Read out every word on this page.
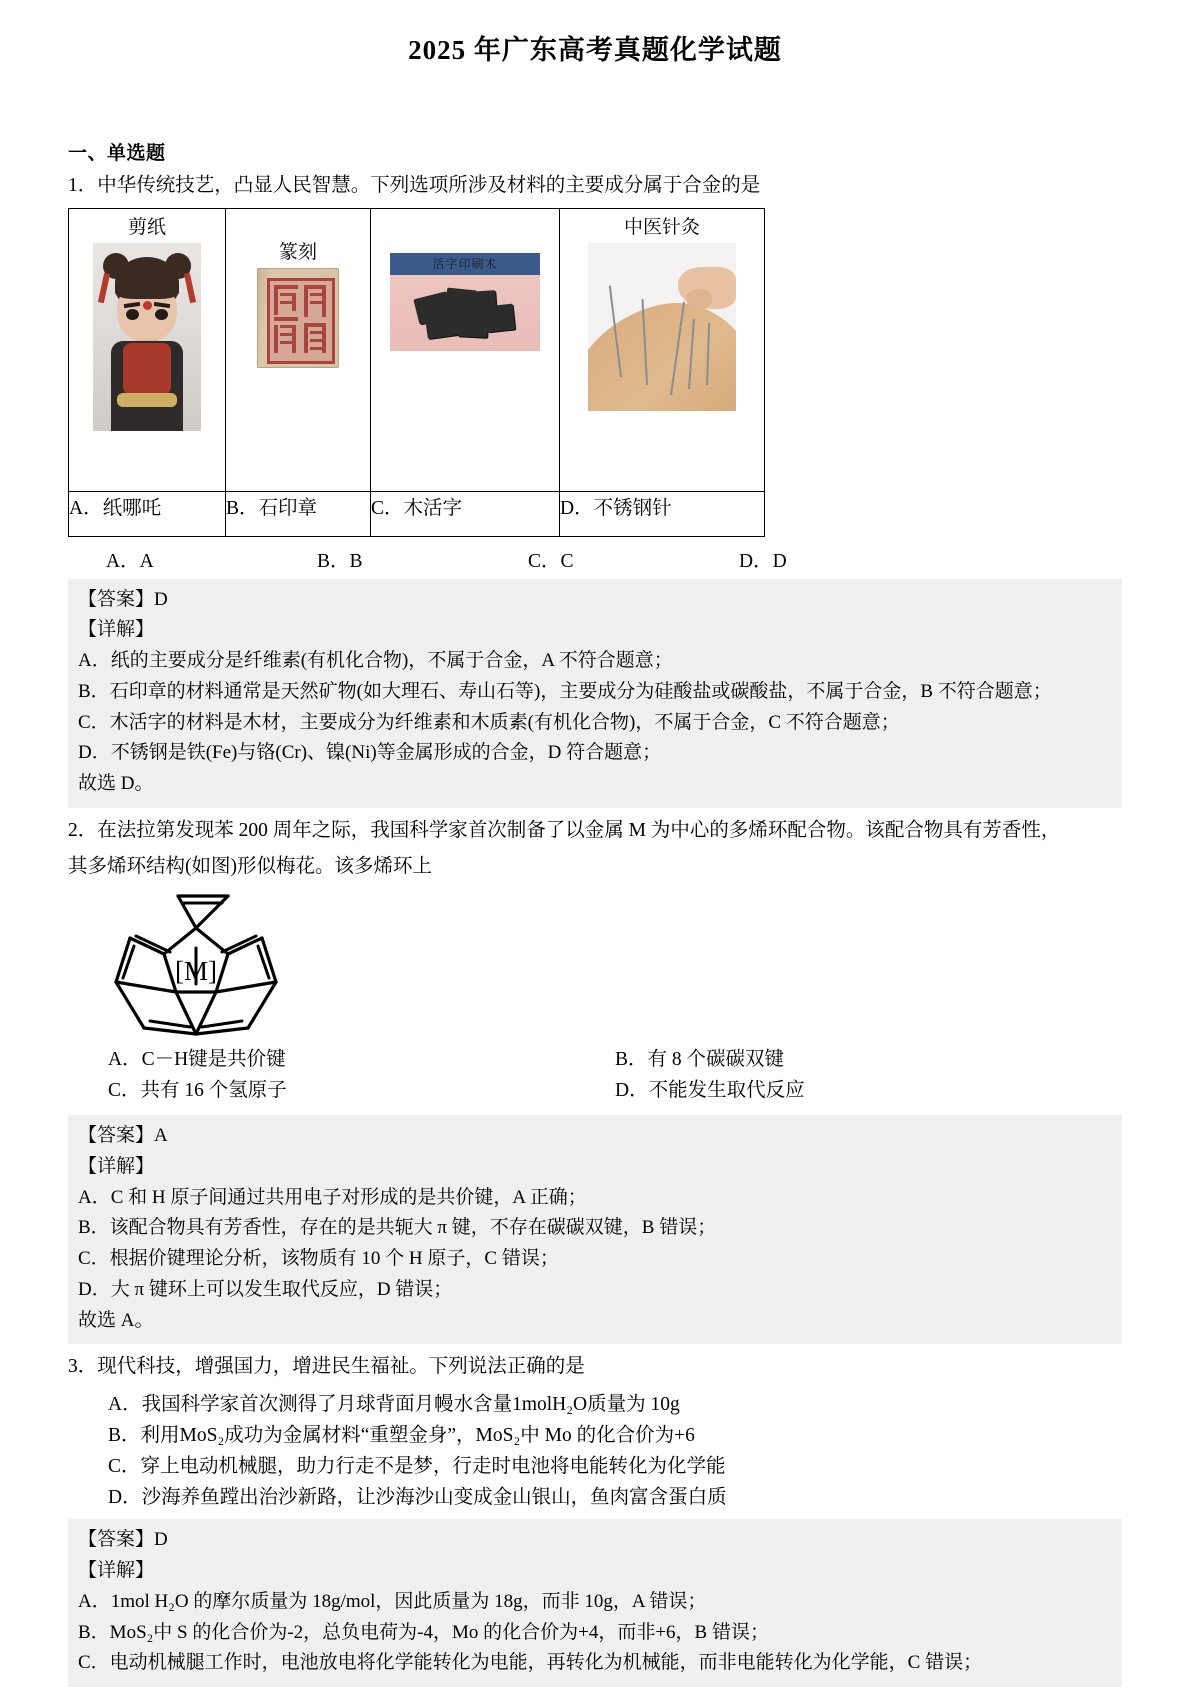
2025 年广东高考真题化学试题
一、单选题
1．中华传统技艺，凸显人民智慧。下列选项所涉及材料的主要成分属于合金的是
剪纸	篆刻	活字印刷术	中医针灸

A．纸哪吒	B．石印章	C．木活字	D．不锈钢针
A．A	B．B	C．C	D．D

【答案】D

【详解】

A．纸的主要成分是纤维素(有机化合物)，不属于合金，A 不符合题意；

B．石印章的材料通常是天然矿物(如大理石、寿山石等)，主要成分为硅酸盐或碳酸盐，不属于合金，B 不符合题意；

C．木活字的材料是木材，主要成分为纤维素和木质素(有机化合物)，不属于合金，C 不符合题意；

D．不锈钢是铁(Fe)与铬(Cr)、镍(Ni)等金属形成的合金，D 符合题意；

故选 D。

2．在法拉第发现苯 200 周年之际，我国科学家首次制备了以金属 M 为中心的多烯环配合物。该配合物具有芳香性，
其多烯环结构(如图)形似梅花。该多烯环上
[M]
A．C－H键是共价键	B．有 8 个碳碳双键
C．共有 16 个氢原子	D．不能发生取代反应

【答案】A

【详解】

A．C 和 H 原子间通过共用电子对形成的是共价键，A 正确；

B．该配合物具有芳香性，存在的是共轭大 π 键，不存在碳碳双键，B 错误；

C．根据价键理论分析，该物质有 10 个 H 原子，C 错误；

D．大 π 键环上可以发生取代反应，D 错误；

故选 A。

3．现代科技，增强国力，增进民生福祉。下列说法正确的是

A．我国科学家首次测得了月球背面月幔水含量1molH₂O质量为 10g

B．利用MoS₂成功为金属材料“重塑金身”，MoS₂中 Mo 的化合价为+6

C．穿上电动机械腿，助力行走不是梦，行走时电池将电能转化为化学能

D．沙海养鱼蹚出治沙新路，让沙海沙山变成金山银山，鱼肉富含蛋白质

【答案】D

【详解】

A．1mol H₂O 的摩尔质量为 18g/mol，因此质量为 18g，而非 10g，A 错误；

B．MoS₂中 S 的化合价为-2，总负电荷为-4，Mo 的化合价为+4，而非+6，B 错误；

C．电动机械腿工作时，电池放电将化学能转化为电能，再转化为机械能，而非电能转化为化学能，C 错误；
